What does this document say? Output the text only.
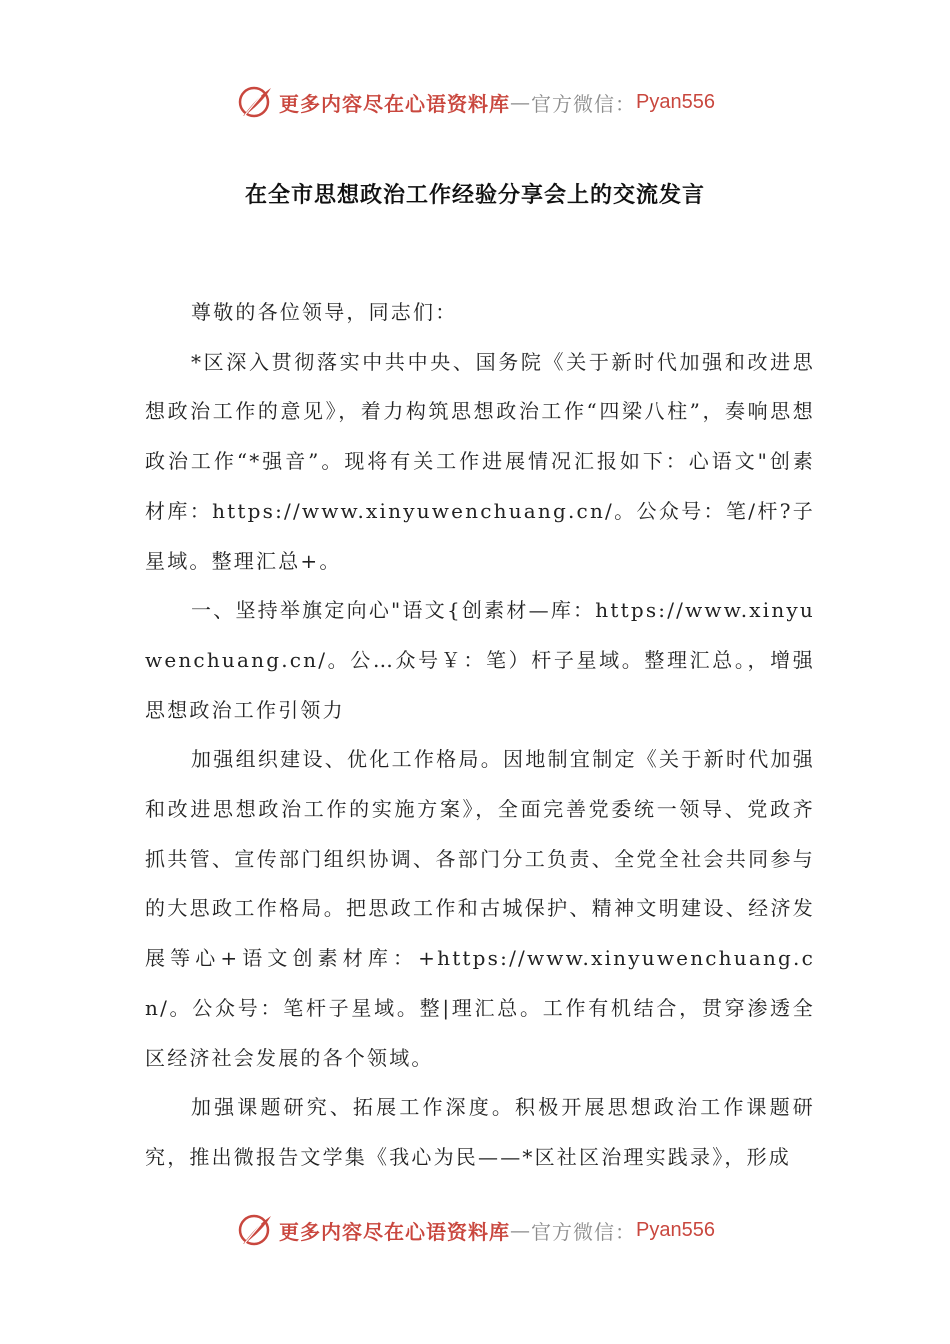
更多内容尽在心语资料库 — 官方微信： Pyan556
在全市思想政治工作经验分享会上的交流发言

尊敬的各位领导，同志们：

*区深入贯彻落实中共中央、国务院《关于新时代加强和改进思想政治工作的意见》，着力构筑思想政治工作“四梁八柱”，奏响思想政治工作“*强音”。现将有关工作进展情况汇报如下：心语文"创素材库：https://www.xinyuwenchuang.cn/。公众号：笔/杆?子星域。整理汇总+。

一、坚持举旗定向心"语文{创素材—库：https://www.xinyuwenchuang.cn/。公…众号￥：笔）杆子星域。整理汇总。，增强思想政治工作引领力

加强组织建设、优化工作格局。因地制宜制定《关于新时代加强和改进思想政治工作的实施方案》，全面完善党委统一领导、党政齐抓共管、宣传部门组织协调、各部门分工负责、全党全社会共同参与的大思政工作格局。把思政工作和古城保护、精神文明建设、经济发展等心+语文创素材库：+https://www.xinyuwenchuang.cn/。公众号：笔杆子星域。整|理汇总。工作有机结合，贯穿渗透全区经济社会发展的各个领域。

加强课题研究、拓展工作深度。积极开展思想政治工作课题研究，推出微报告文学集《我心为民——*区社区治理实践录》，形成

更多内容尽在心语资料库 — 官方微信： Pyan556
